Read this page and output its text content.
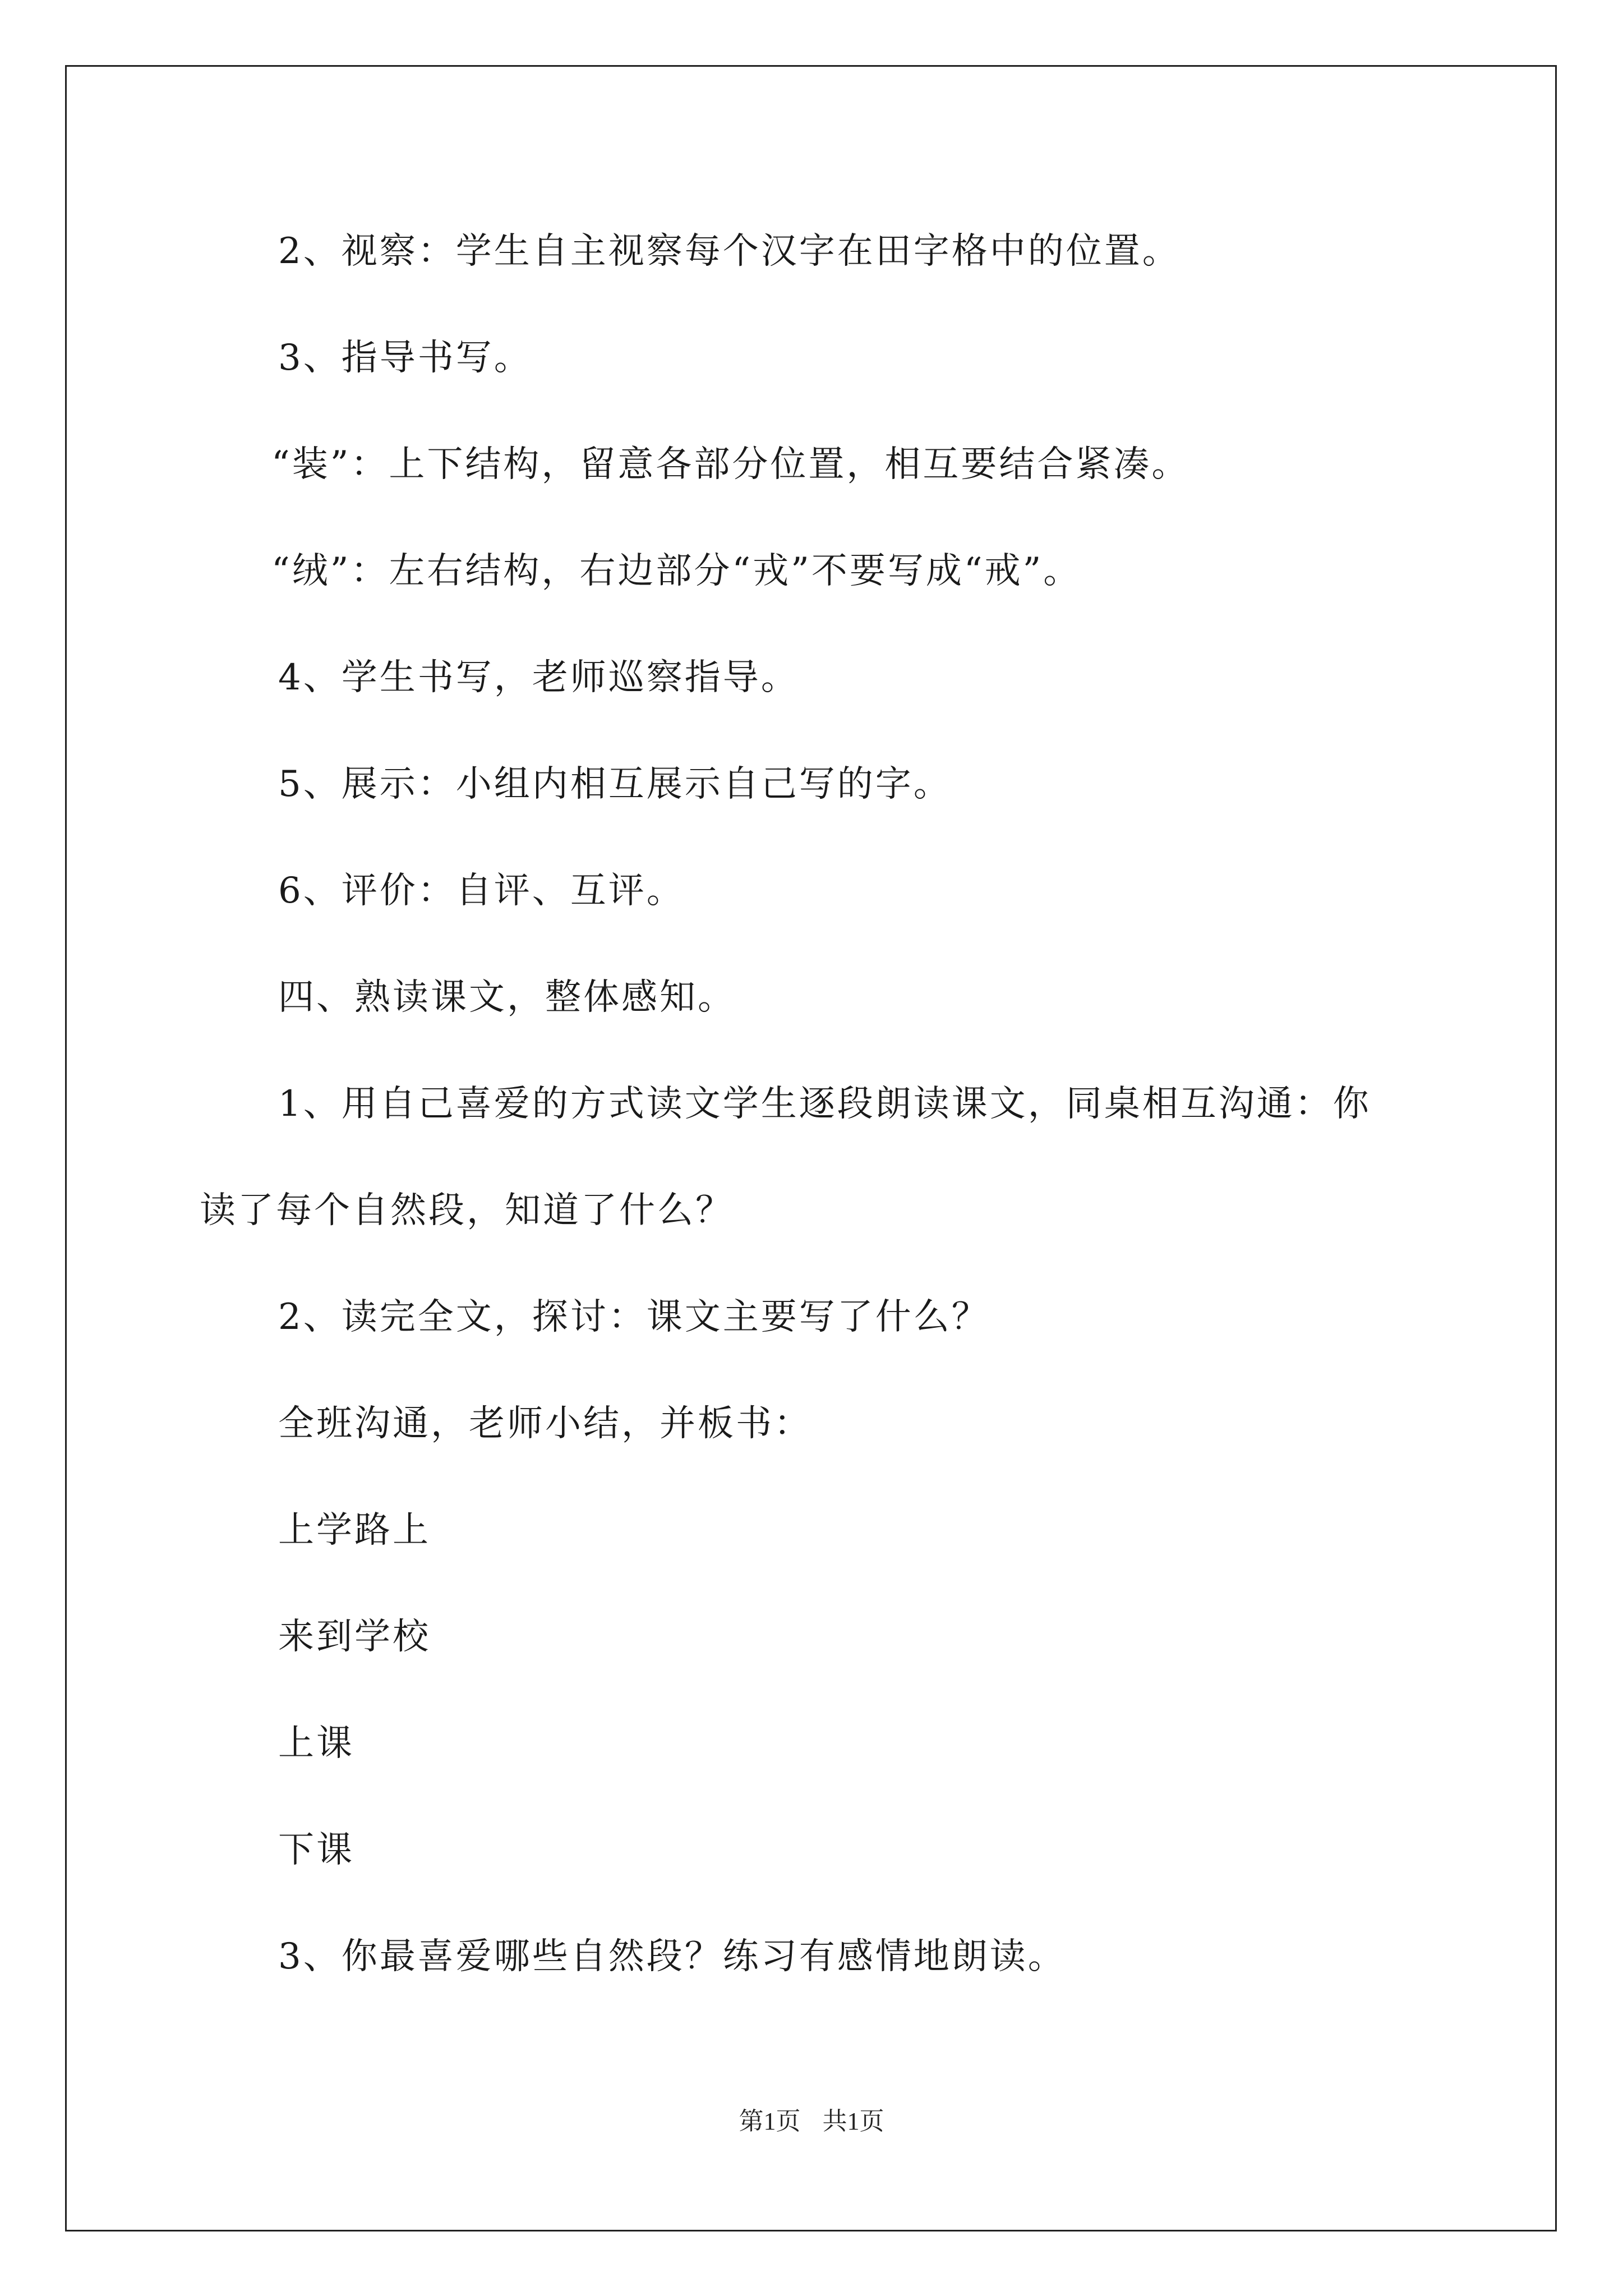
2、视察：学生自主视察每个汉字在田字格中的位置。
3、指导书写。
“装”：上下结构，留意各部分位置，相互要结合紧凑。
“绒”：左右结构，右边部分“戎”不要写成“戒”。
4、学生书写，老师巡察指导。
5、展示：小组内相互展示自己写的字。
6、评价：自评、互评。
四、熟读课文，整体感知。
1、用自己喜爱的方式读文学生逐段朗读课文，同桌相互沟通：你
读了每个自然段，知道了什么？
2、读完全文，探讨：课文主要写了什么？
全班沟通，老师小结，并板书：
上学路上
来到学校
上课
下课
3、你最喜爱哪些自然段？练习有感情地朗读。
第1页 共1页
